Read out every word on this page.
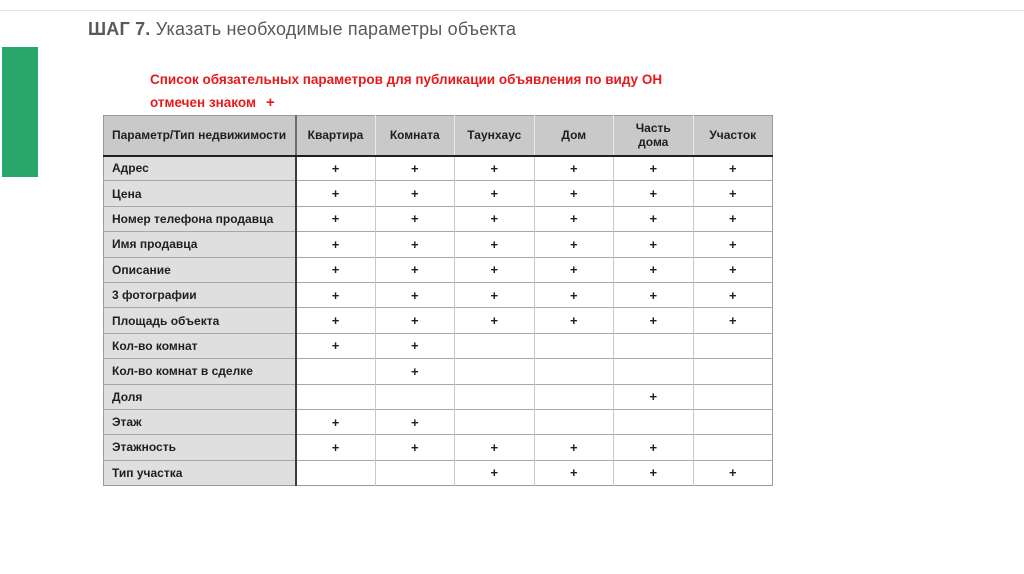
ШАГ 7. Указать необходимые параметры объекта
Список обязательных параметров для публикации объявления по виду ОН
отмечен знаком +
Параметр/Тип недвижимости	Квартира	Комната	Таунхаус	Дом	Часть дома	Участок
Адрес	+	+	+	+	+	+
Цена	+	+	+	+	+	+
Номер телефона продавца	+	+	+	+	+	+
Имя продавца	+	+	+	+	+	+
Описание	+	+	+	+	+	+
3 фотографии	+	+	+	+	+	+
Площадь объекта	+	+	+	+	+	+
Кол-во комнат	+	+				
Кол-во комнат в сделке		+				
Доля					+	
Этаж	+	+				
Этажность	+	+	+	+	+	
Тип участка			+	+	+	+
